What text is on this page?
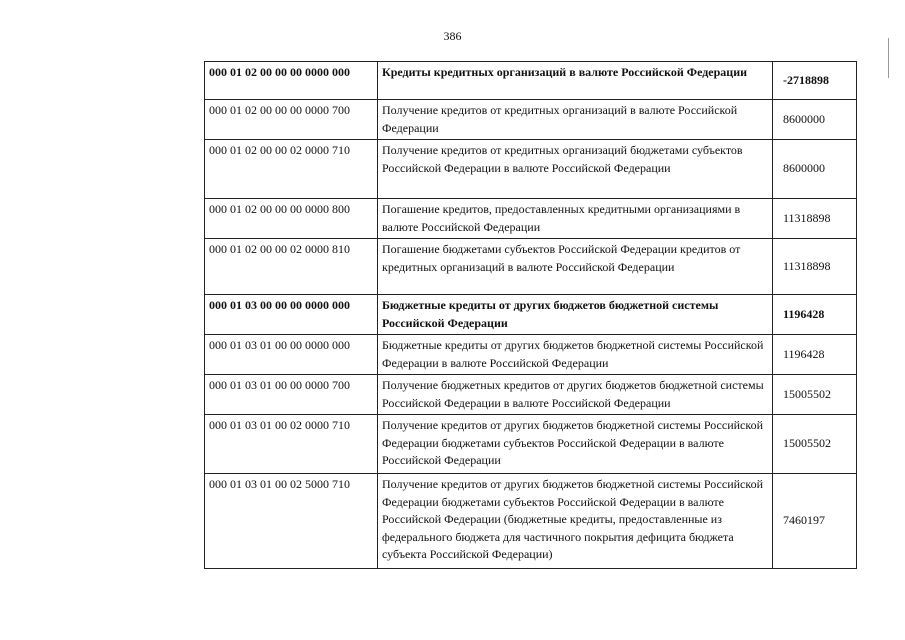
386
000 01 02 00 00 00 0000 000	Кредиты кредитных организаций в валюте Российской Федерации	-2718898
000 01 02 00 00 00 0000 700	Получение кредитов от кредитных организаций в валюте Российской Федерации	8600000
000 01 02 00 00 02 0000 710	Получение кредитов от кредитных организаций бюджетами субъектов Российской Федерации в валюте Российской Федерации	8600000
000 01 02 00 00 00 0000 800	Погашение кредитов, предоставленных кредитными организациями в валюте Российской Федерации	11318898
000 01 02 00 00 02 0000 810	Погашение бюджетами субъектов Российской Федерации кредитов от кредитных организаций в валюте Российской Федерации	11318898
000 01 03 00 00 00 0000 000	Бюджетные кредиты от других бюджетов бюджетной системы Российской Федерации	1196428
000 01 03 01 00 00 0000 000	Бюджетные кредиты от других бюджетов бюджетной системы Российской Федерации в валюте Российской Федерации	1196428
000 01 03 01 00 00 0000 700	Получение бюджетных кредитов от других бюджетов бюджетной системы Российской Федерации в валюте Российской Федерации	15005502
000 01 03 01 00 02 0000 710	Получение кредитов от других бюджетов бюджетной системы Российской Федерации бюджетами субъектов Российской Федерации в валюте Российской Федерации	15005502
000 01 03 01 00 02 5000 710	Получение кредитов от других бюджетов бюджетной системы Российской Федерации бюджетами субъектов Российской Федерации в валюте Российской Федерации (бюджетные кредиты, предоставленные из федерального бюджета для частичного покрытия дефицита бюджета субъекта Российской Федерации)	7460197
